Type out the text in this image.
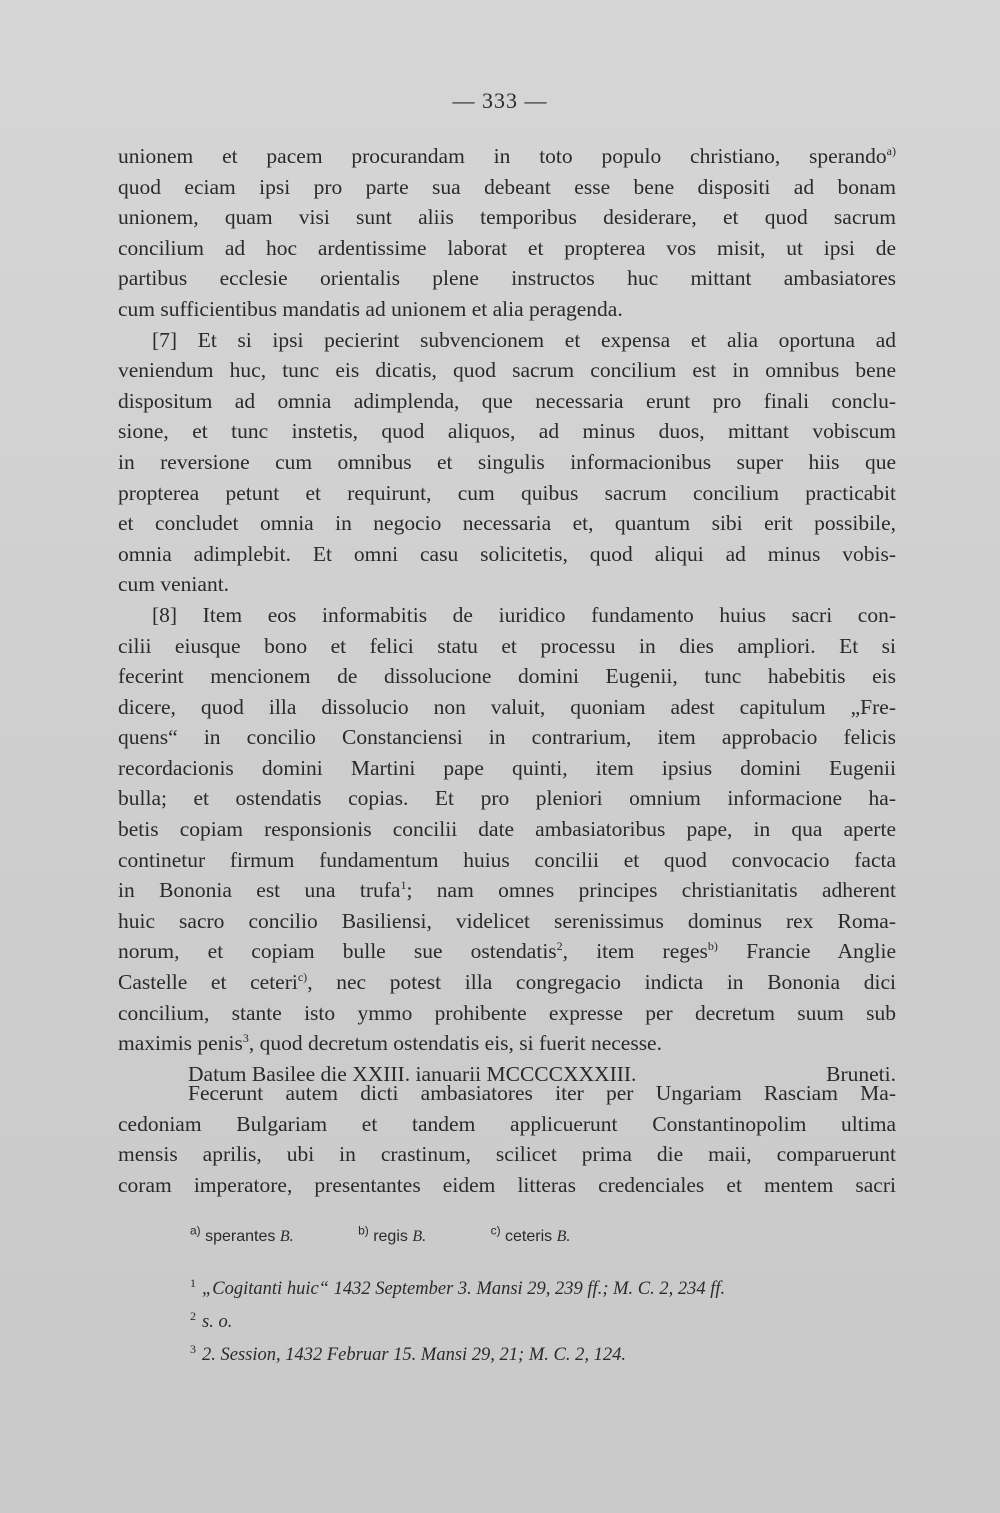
— 333 —
unionem et pacem procurandam in toto populo christiano, sperando$^{a)}$
quod eciam ipsi pro parte sua debeant esse bene dispositi ad bonam
unionem, quam visi sunt aliis temporibus desiderare, et quod sacrum
concilium ad hoc ardentissime laborat et propterea vos misit, ut ipsi de
partibus ecclesie orientalis plene instructos huc mittant ambasiatores
cum sufficientibus mandatis ad unionem et alia peragenda.
[7] Et si ipsi pecierint subvencionem et expensa et alia oportuna ad
veniendum huc, tunc eis dicatis, quod sacrum concilium est in omnibus bene
dispositum ad omnia adimplenda, que necessaria erunt pro finali conclu-
sione, et tunc instetis, quod aliquos, ad minus duos, mittant vobiscum
in reversione cum omnibus et singulis informacionibus super hiis que
propterea petunt et requirunt, cum quibus sacrum concilium practicabit
et concludet omnia in negocio necessaria et, quantum sibi erit possibile,
omnia adimplebit. Et omni casu solicitetis, quod aliqui ad minus vobis-
cum veniant.
[8] Item eos informabitis de iuridico fundamento huius sacri con-
cilii eiusque bono et felici statu et processu in dies ampliori. Et si
fecerint mencionem de dissolucione domini Eugenii, tunc habebitis eis
dicere, quod illa dissolucio non valuit, quoniam adest capitulum „Fre-
quens“ in concilio Constanciensi in contrarium, item approbacio felicis
recordacionis domini Martini pape quinti, item ipsius domini Eugenii
bulla; et ostendatis copias. Et pro pleniori omnium informacione ha-
betis copiam responsionis concilii date ambasiatoribus pape, in qua aperte
continetur firmum fundamentum huius concilii et quod convocacio facta
in Bononia est una trufa$^1$; nam omnes principes christianitatis adherent
huic sacro concilio Basiliensi, videlicet serenissimus dominus rex Roma-
norum, et copiam bulle sue ostendatis$^2$, item reges$^{b)}$ Francie Anglie
Castelle et ceteri$^{c)}$, nec potest illa congregacio indicta in Bononia dici
concilium, stante isto ymmo prohibente expresse per decretum suum sub
maximis penis$^3$, quod decretum ostendatis eis, si fuerit necesse.
Datum Basilee die XXIII. ianuarii MCCCCXXXIII.	Bruneti.
Fecerunt autem dicti ambasiatores iter per Ungariam Rasciam Ma-
cedoniam Bulgariam et tandem applicuerunt Constantinopolim ultima
mensis aprilis, ubi in crastinum, scilicet prima die maii, comparuerunt
coram imperatore, presentantes eidem litteras credenciales et mentem sacri
$^{a)}$ sperantes B.	$^{b)}$ regis B.	$^{c)}$ ceteris B.
$^1$ „Cogitanti huic“ 1432 September 3. Mansi 29, 239 ff.; M. C. 2, 234 ff.
$^2$ s. o.
$^3$ 2. Session, 1432 Februar 15. Mansi 29, 21; M. C. 2, 124.
